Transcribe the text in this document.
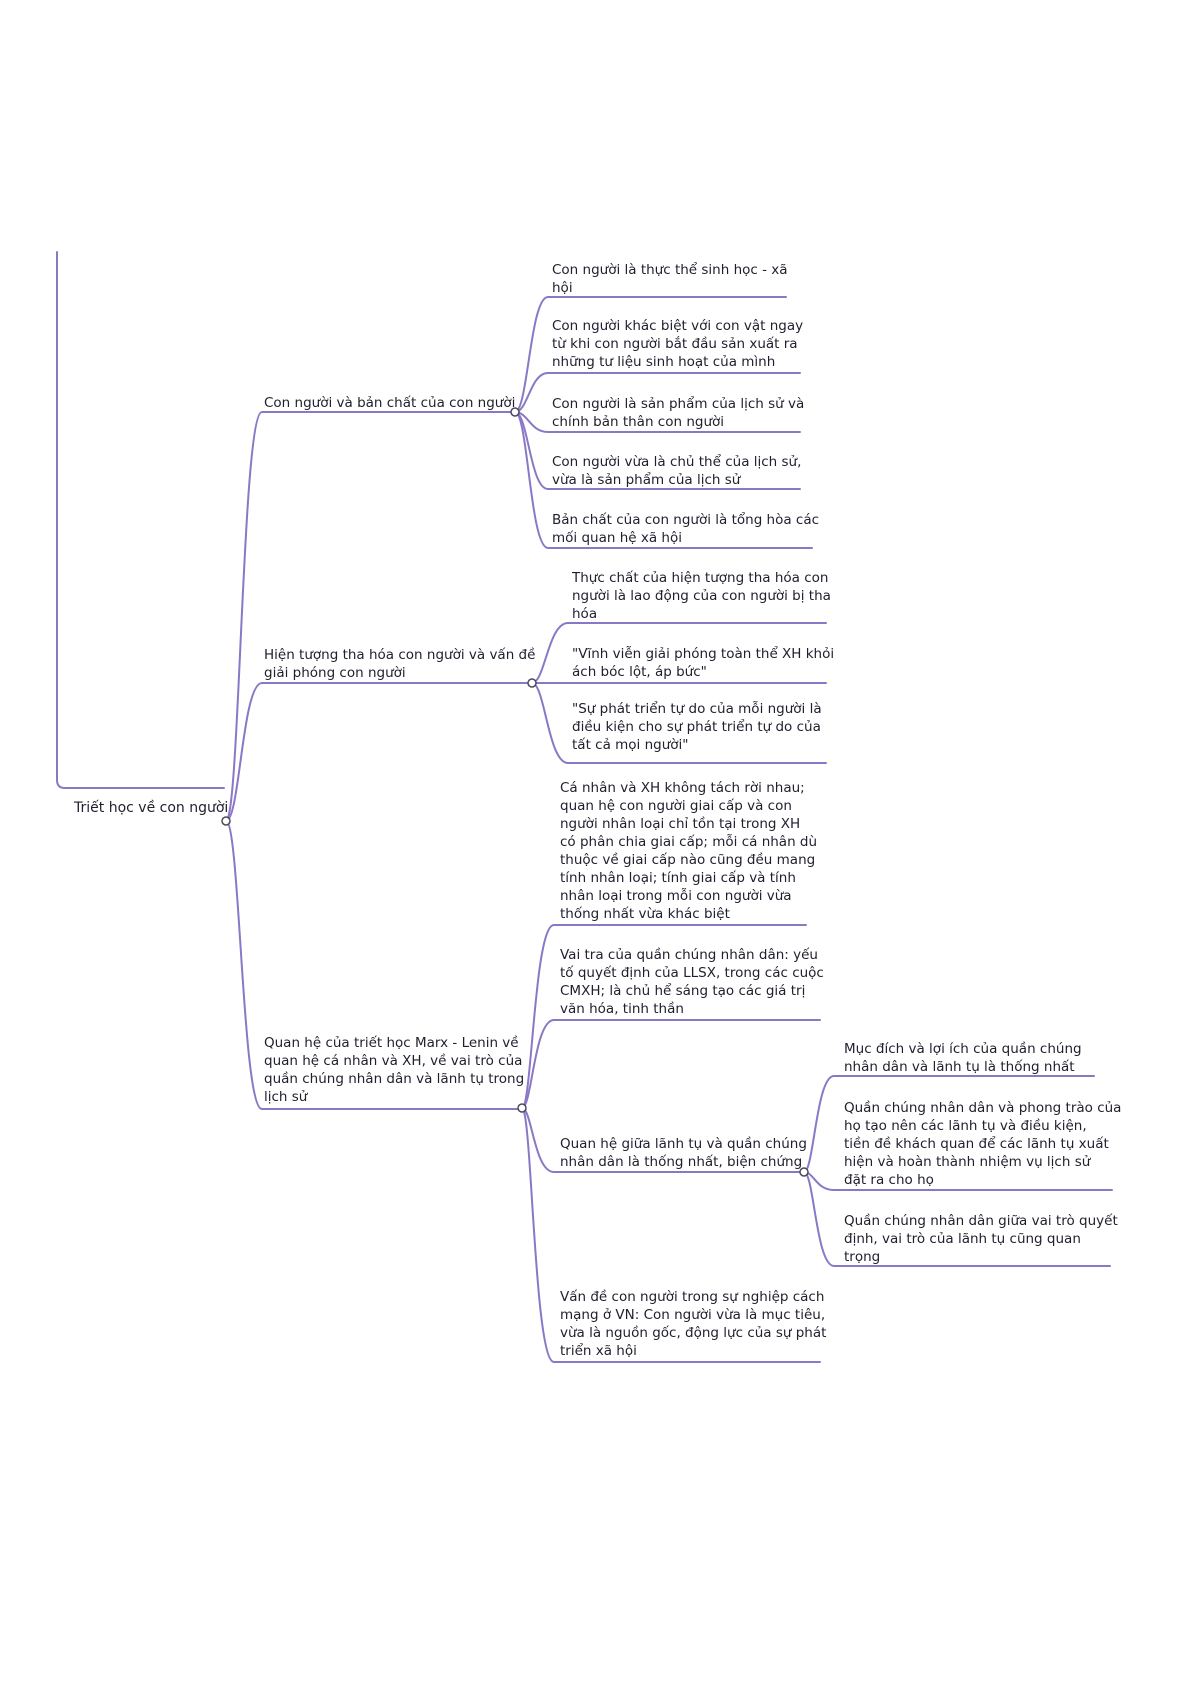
Triết học về con người
Con người và bản chất của con người
Con người là thực thể sinh học - xã
hội
Con người khác biệt với con vật ngay
từ khi con người bắt đầu sản xuất ra
những tư liệu sinh hoạt của mình
Con người là sản phẩm của lịch sử và
chính bản thân con người
Con người vừa là chủ thể của lịch sử,
vừa là sản phẩm của lịch sử
Bản chất của con người là tổng hòa các
mối quan hệ xã hội
Hiện tượng tha hóa con người và vấn đề
giải phóng con người
Thực chất của hiện tượng tha hóa con
người là lao động của con người bị tha
hóa
"Vĩnh viễn giải phóng toàn thể XH khỏi
ách bóc lột, áp bức"
"Sự phát triển tự do của mỗi người là
điều kiện cho sự phát triển tự do của
tất cả mọi người"
Quan hệ của triết học Marx - Lenin về
quan hệ cá nhân và XH, về vai trò của
quần chúng nhân dân và lãnh tụ trong
lịch sử
Cá nhân và XH không tách rời nhau;
quan hệ con người giai cấp và con
người nhân loại chỉ tồn tại trong XH
có phân chia giai cấp; mỗi cá nhân dù
thuộc về giai cấp nào cũng đều mang
tính nhân loại; tính giai cấp và tính
nhân loại trong mỗi con người vừa
thống nhất vừa khác biệt
Vai tra của quần chúng nhân dân: yếu
tố quyết định của LLSX, trong các cuộc
CMXH; là chủ hể sáng tạo các giá trị
văn hóa, tinh thần
Quan hệ giữa lãnh tụ và quần chúng
nhân dân là thống nhất, biện chứng
Vấn đề con người trong sự nghiệp cách
mạng ở VN: Con người vừa là mục tiêu,
vừa là nguồn gốc, động lực của sự phát
triển xã hội
Mục đích và lợi ích của quần chúng
nhân dân và lãnh tụ là thống nhất
Quần chúng nhân dân và phong trào của
họ tạo nên các lãnh tụ và điều kiện,
tiền đề khách quan để các lãnh tụ xuất
hiện và hoàn thành nhiệm vụ lịch sử
đặt ra cho họ
Quần chúng nhân dân giữa vai trò quyết
định, vai trò của lãnh tụ cũng quan
trọng
